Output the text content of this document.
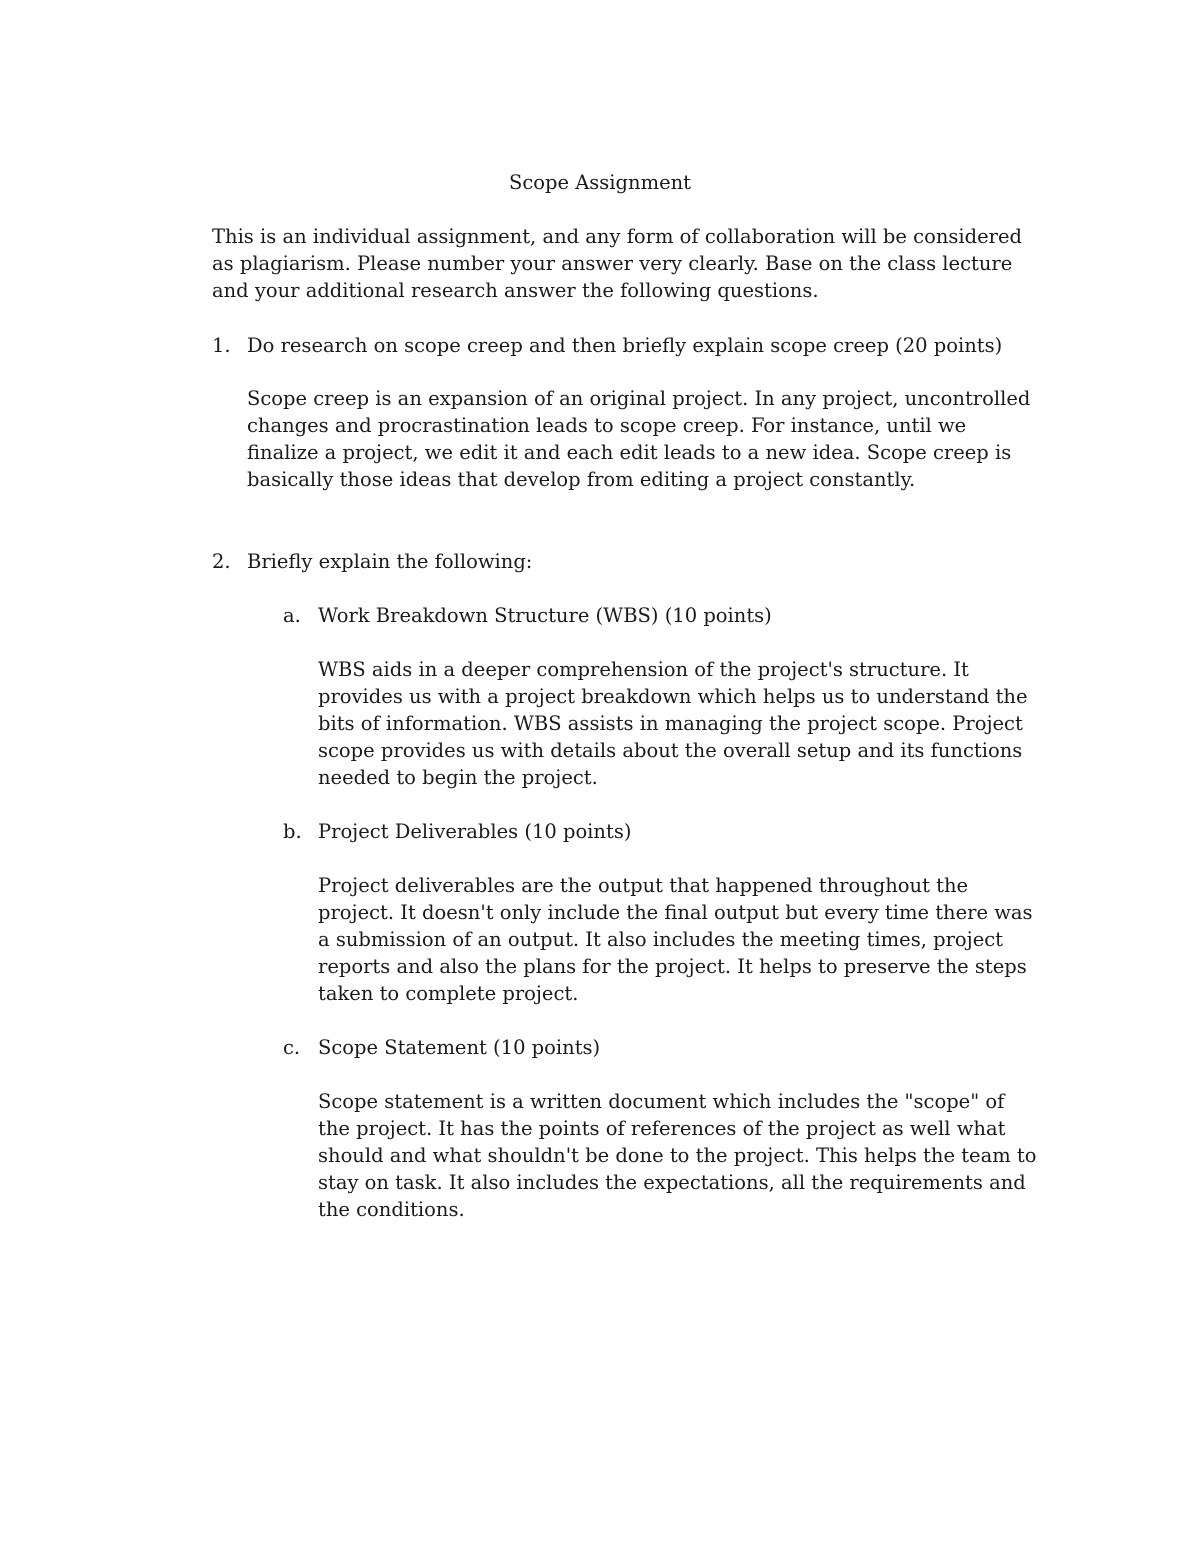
Scope Assignment

This is an individual assignment, and any form of collaboration will be considered as plagiarism. Please number your answer very clearly. Base on the class lecture and your additional research answer the following questions.

1. Do research on scope creep and then briefly explain scope creep (20 points)

Scope creep is an expansion of an original project. In any project, uncontrolled changes and procrastination leads to scope creep. For instance, until we finalize a project, we edit it and each edit leads to a new idea. Scope creep is basically those ideas that develop from editing a project constantly.

2. Briefly explain the following:

a. Work Breakdown Structure (WBS) (10 points)

WBS aids in a deeper comprehension of the project's structure. It provides us with a project breakdown which helps us to understand the bits of information. WBS assists in managing the project scope. Project scope provides us with details about the overall setup and its functions needed to begin the project.

b. Project Deliverables (10 points)

Project deliverables are the output that happened throughout the project. It doesn't only include the final output but every time there was a submission of an output. It also includes the meeting times, project reports and also the plans for the project. It helps to preserve the steps taken to complete project.

c. Scope Statement (10 points)

Scope statement is a written document which includes the "scope" of the project. It has the points of references of the project as well what should and what shouldn't be done to the project. This helps the team to stay on task. It also includes the expectations, all the requirements and the conditions.
